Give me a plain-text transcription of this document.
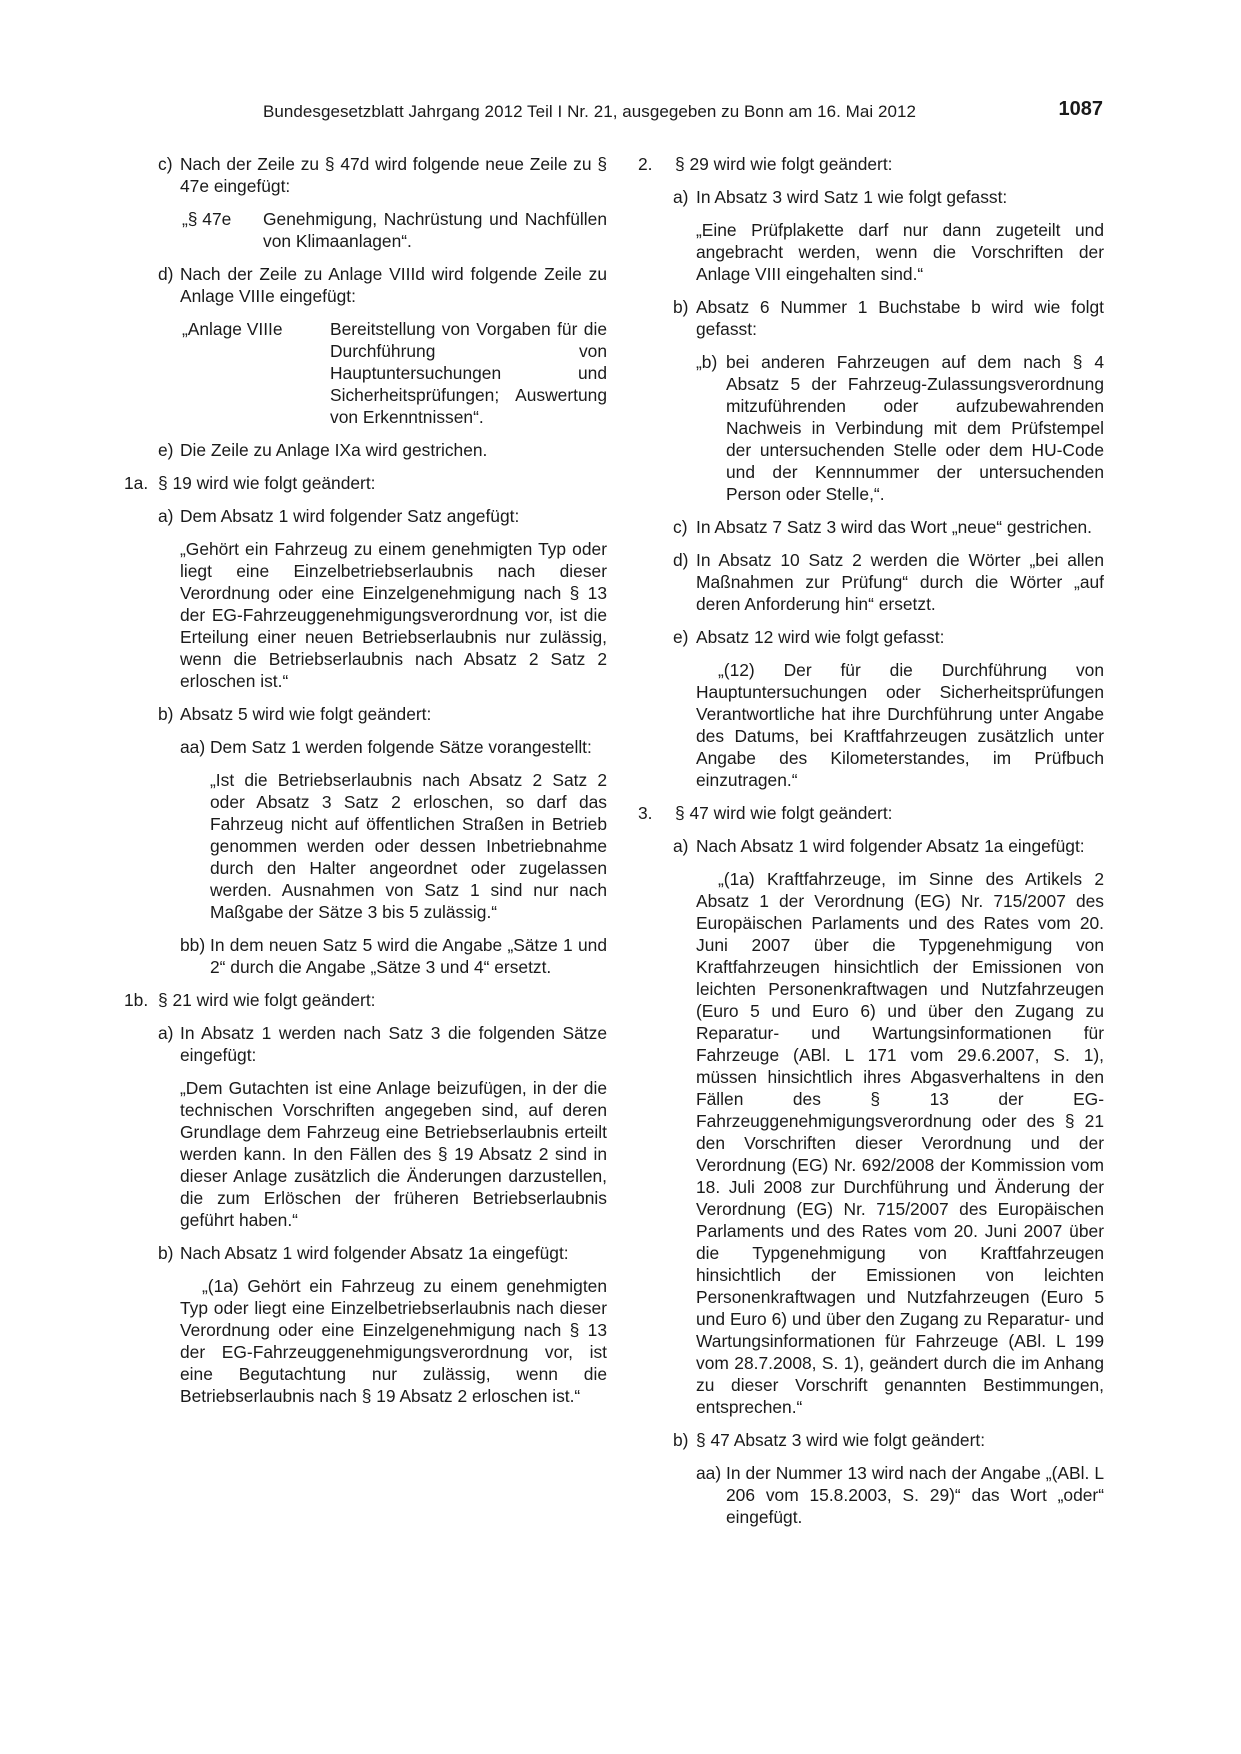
Bundesgesetzblatt Jahrgang 2012 Teil I Nr. 21, ausgegeben zu Bonn am 16. Mai 2012	1087
c) Nach der Zeile zu § 47d wird folgende neue Zeile zu § 47e eingefügt:

„§ 47e Genehmigung, Nachrüstung und Nachfüllen von Klimaanlagen“.

d) Nach der Zeile zu Anlage VIIId wird folgende Zeile zu Anlage VIIIe eingefügt:

„Anlage VIIIe	Bereitstellung von Vorgaben für die Durchführung von Hauptuntersuchungen und Sicherheitsprüfungen; Auswertung von Erkenntnissen“.

e) Die Zeile zu Anlage IXa wird gestrichen.

1a. § 19 wird wie folgt geändert:

a) Dem Absatz 1 wird folgender Satz angefügt:

„Gehört ein Fahrzeug zu einem genehmigten Typ oder liegt eine Einzelbetriebserlaubnis nach dieser Verordnung oder eine Einzelgenehmigung nach § 13 der EG-Fahrzeuggenehmigungsverordnung vor, ist die Erteilung einer neuen Betriebserlaubnis nur zulässig, wenn die Betriebserlaubnis nach Absatz 2 Satz 2 erloschen ist.“

b) Absatz 5 wird wie folgt geändert:

aa) Dem Satz 1 werden folgende Sätze vorangestellt:

„Ist die Betriebserlaubnis nach Absatz 2 Satz 2 oder Absatz 3 Satz 2 erloschen, so darf das Fahrzeug nicht auf öffentlichen Straßen in Betrieb genommen werden oder dessen Inbetriebnahme durch den Halter angeordnet oder zugelassen werden. Ausnahmen von Satz 1 sind nur nach Maßgabe der Sätze 3 bis 5 zulässig.“

bb) In dem neuen Satz 5 wird die Angabe „Sätze 1 und 2“ durch die Angabe „Sätze 3 und 4“ ersetzt.

1b. § 21 wird wie folgt geändert:

a) In Absatz 1 werden nach Satz 3 die folgenden Sätze eingefügt:

„Dem Gutachten ist eine Anlage beizufügen, in der die technischen Vorschriften angegeben sind, auf deren Grundlage dem Fahrzeug eine Betriebserlaubnis erteilt werden kann. In den Fällen des § 19 Absatz 2 sind in dieser Anlage zusätzlich die Änderungen darzustellen, die zum Erlöschen der früheren Betriebserlaubnis geführt haben.“

b) Nach Absatz 1 wird folgender Absatz 1a eingefügt:

„(1a) Gehört ein Fahrzeug zu einem genehmigten Typ oder liegt eine Einzelbetriebserlaubnis nach dieser Verordnung oder eine Einzelgenehmigung nach § 13 der EG-Fahrzeuggenehmigungsverordnung vor, ist eine Begutachtung nur zulässig, wenn die Betriebserlaubnis nach § 19 Absatz 2 erloschen ist.“

2. § 29 wird wie folgt geändert:

a) In Absatz 3 wird Satz 1 wie folgt gefasst:

„Eine Prüfplakette darf nur dann zugeteilt und angebracht werden, wenn die Vorschriften der Anlage VIII eingehalten sind.“

b) Absatz 6 Nummer 1 Buchstabe b wird wie folgt gefasst:

„b) bei anderen Fahrzeugen auf dem nach § 4 Absatz 5 der Fahrzeug-Zulassungsverordnung mitzuführenden oder aufzubewahrenden Nachweis in Verbindung mit dem Prüfstempel der untersuchenden Stelle oder dem HU-Code und der Kennnummer der untersuchenden Person oder Stelle,“.

c) In Absatz 7 Satz 3 wird das Wort „neue“ gestrichen.

d) In Absatz 10 Satz 2 werden die Wörter „bei allen Maßnahmen zur Prüfung“ durch die Wörter „auf deren Anforderung hin“ ersetzt.

e) Absatz 12 wird wie folgt gefasst:

„(12) Der für die Durchführung von Hauptuntersuchungen oder Sicherheitsprüfungen Verantwortliche hat ihre Durchführung unter Angabe des Datums, bei Kraftfahrzeugen zusätzlich unter Angabe des Kilometerstandes, im Prüfbuch einzutragen.“

3. § 47 wird wie folgt geändert:

a) Nach Absatz 1 wird folgender Absatz 1a eingefügt:

„(1a) Kraftfahrzeuge, im Sinne des Artikels 2 Absatz 1 der Verordnung (EG) Nr. 715/2007 des Europäischen Parlaments und des Rates vom 20. Juni 2007 über die Typgenehmigung von Kraftfahrzeugen hinsichtlich der Emissionen von leichten Personenkraftwagen und Nutzfahrzeugen (Euro 5 und Euro 6) und über den Zugang zu Reparatur- und Wartungsinformationen für Fahrzeuge (ABl. L 171 vom 29.6.2007, S. 1), müssen hinsichtlich ihres Abgasverhaltens in den Fällen des § 13 der EG-Fahrzeuggenehmigungsverordnung oder des § 21 den Vorschriften dieser Verordnung und der Verordnung (EG) Nr. 692/2008 der Kommission vom 18. Juli 2008 zur Durchführung und Änderung der Verordnung (EG) Nr. 715/2007 des Europäischen Parlaments und des Rates vom 20. Juni 2007 über die Typgenehmigung von Kraftfahrzeugen hinsichtlich der Emissionen von leichten Personenkraftwagen und Nutzfahrzeugen (Euro 5 und Euro 6) und über den Zugang zu Reparatur- und Wartungsinformationen für Fahrzeuge (ABl. L 199 vom 28.7.2008, S. 1), geändert durch die im Anhang zu dieser Vorschrift genannten Bestimmungen, entsprechen.“

b) § 47 Absatz 3 wird wie folgt geändert:

aa) In der Nummer 13 wird nach der Angabe „(ABl. L 206 vom 15.8.2003, S. 29)“ das Wort „oder“ eingefügt.
